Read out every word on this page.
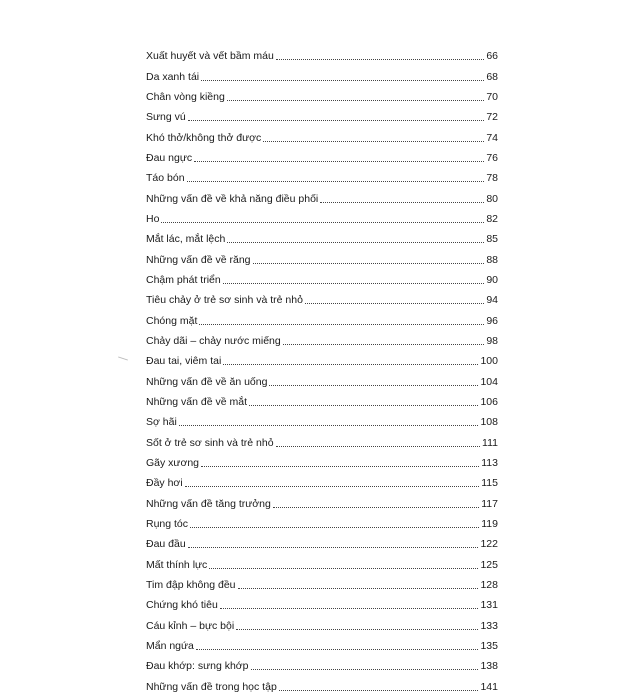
Xuất huyết và vết bầm máu	66
Da xanh tái	68
Chân vòng kiềng	70
Sưng vú	72
Khó thở/không thở được	74
Đau ngực	76
Táo bón	78
Những vấn đề về khả năng điều phối	80
Ho	82
Mắt lác, mắt lệch	85
Những vấn đề về răng	88
Chậm phát triển	90
Tiêu chảy ở trẻ sơ sinh và trẻ nhỏ	94
Chóng mặt	96
Chảy dãi – chảy nước miếng	98
Đau tai, viêm tai	100
Những vấn đề về ăn uống	104
Những vấn đề về mắt	106
Sợ hãi	108
Sốt ở trẻ sơ sinh và trẻ nhỏ	111
Gãy xương	113
Đầy hơi	115
Những vấn đề tăng trưởng	117
Rụng tóc	119
Đau đầu	122
Mất thính lực	125
Tim đập không đều	128
Chứng khó tiêu	131
Cáu kỉnh – bực bội	133
Mẩn ngứa	135
Đau khớp: sưng khớp	138
Những vấn đề trong học tập	141
